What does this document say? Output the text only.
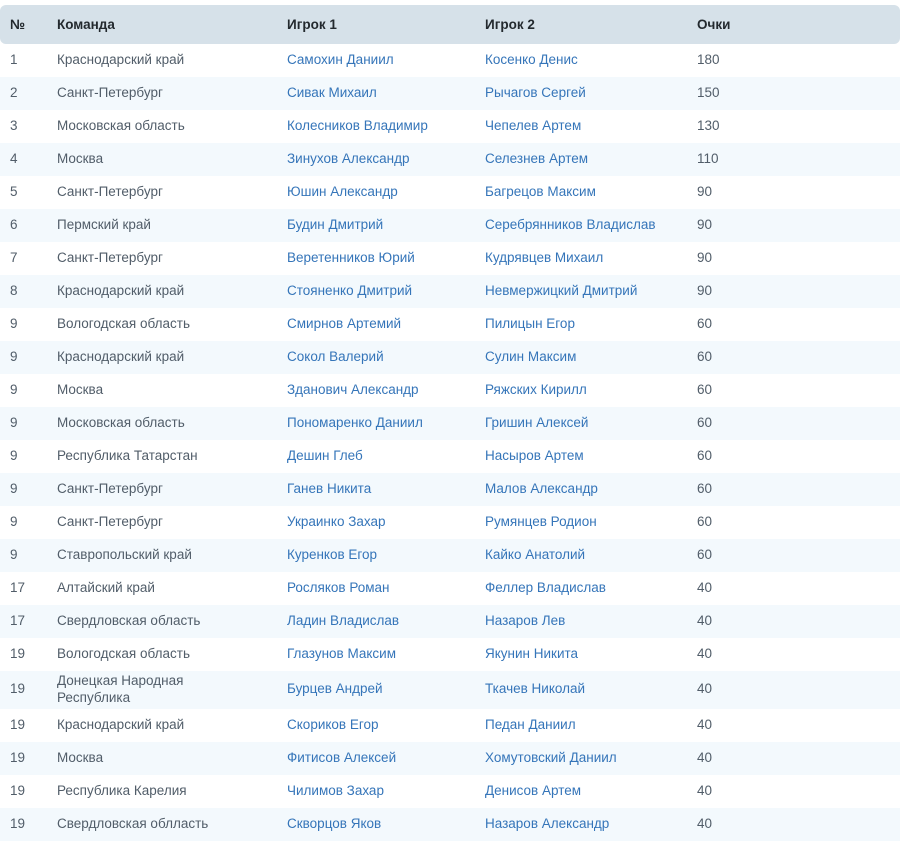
№	Команда	Игрок 1	Игрок 2	Очки
1	Краснодарский край	Самохин Даниил	Косенко Денис	180
2	Санкт-Петербург	Сивак Михаил	Рычагов Сергей	150
3	Московская область	Колесников Владимир	Чепелев Артем	130
4	Москва	Зинухов Александр	Селезнев Артем	110
5	Санкт-Петербург	Юшин Александр	Багрецов Максим	90
6	Пермский край	Будин Дмитрий	Серебрянников Владислав	90
7	Санкт-Петербург	Веретенников Юрий	Кудрявцев Михаил	90
8	Краснодарский край	Стояненко Дмитрий	Невмержицкий Дмитрий	90
9	Вологодская область	Смирнов Артемий	Пилицын Егор	60
9	Краснодарский край	Сокол Валерий	Сулин Максим	60
9	Москва	Зданович Александр	Ряжских Кирилл	60
9	Московская область	Пономаренко Даниил	Гришин Алексей	60
9	Республика Татарстан	Дешин Глеб	Насыров Артем	60
9	Санкт-Петербург	Ганев Никита	Малов Александр	60
9	Санкт-Петербург	Украинко Захар	Румянцев Родион	60
9	Ставропольский край	Куренков Егор	Кайко Анатолий	60
17	Алтайский край	Росляков Роман	Феллер Владислав	40
17	Свердловская область	Ладин Владислав	Назаров Лев	40
19	Вологодская область	Глазунов Максим	Якунин Никита	40
19	Донецкая Народная Республика	Бурцев Андрей	Ткачев Николай	40
19	Краснодарский край	Скориков Егор	Педан Даниил	40
19	Москва	Фитисов Алексей	Хомутовский Даниил	40
19	Республика Карелия	Чилимов Захар	Денисов Артем	40
19	Свердловская облласть	Скворцов Яков	Назаров Александр	40
